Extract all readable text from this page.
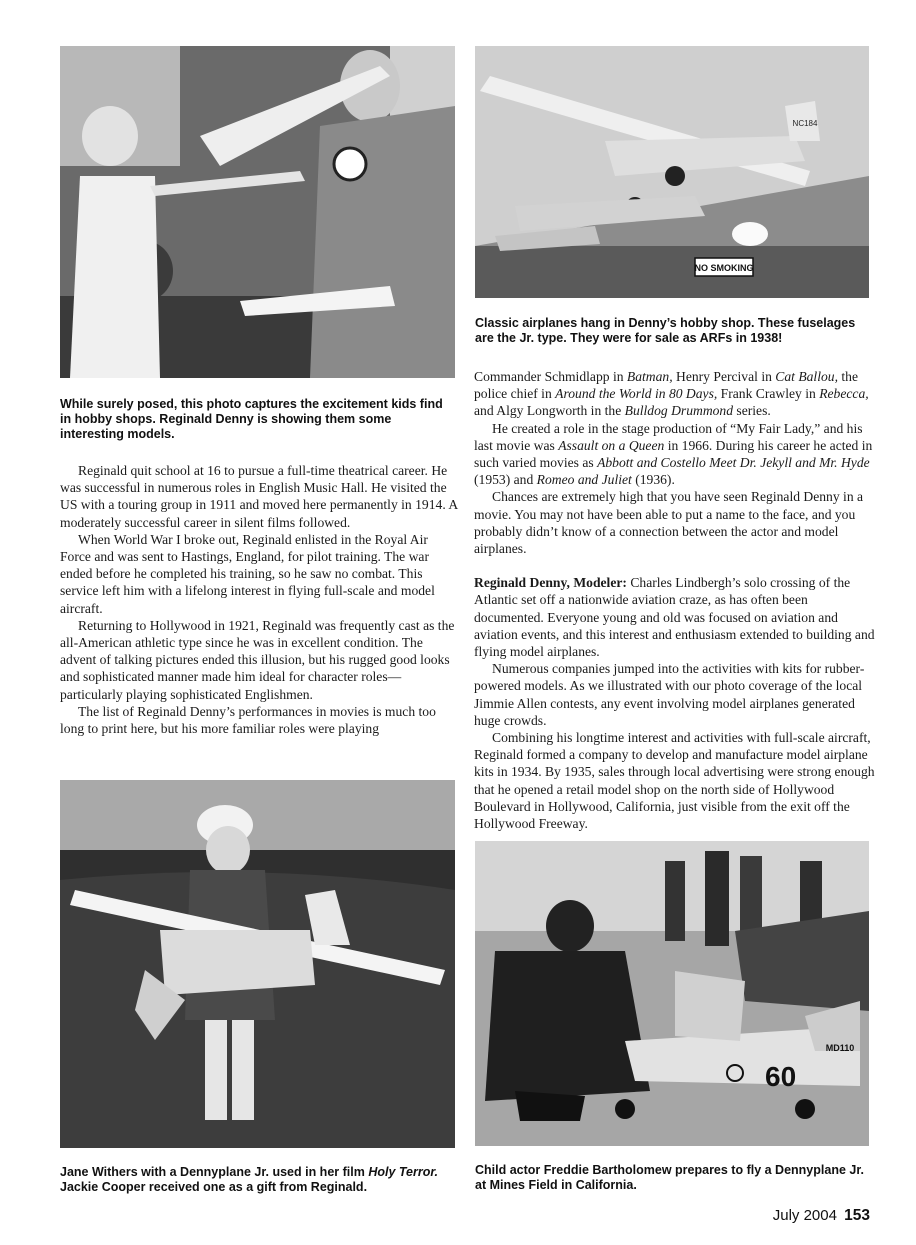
While surely posed, this photo captures the excitement kids find in hobby shops. Reginald Denny is showing them some interesting models.
NO SMOKING
NC184
Classic airplanes hang in Denny’s hobby shop. These fuselages are the Jr. type. They were for sale as ARFs in 1938!

Reginald quit school at 16 to pursue a full-time theatrical career. He was successful in numerous roles in English Music Hall. He visited the US with a touring group in 1911 and moved here permanently in 1914. A moderately successful career in silent films followed.

When World War I broke out, Reginald enlisted in the Royal Air Force and was sent to Hastings, England, for pilot training. The war ended before he completed his training, so he saw no combat. This service left him with a lifelong interest in flying full-scale and model aircraft.

Returning to Hollywood in 1921, Reginald was frequently cast as the all-American athletic type since he was in excellent condition. The advent of talking pictures ended this illusion, but his rugged good looks and sophisticated manner made him ideal for character roles—particularly playing sophisticated Englishmen.

The list of Reginald Denny’s performances in movies is much too long to print here, but his more familiar roles were playing

Commander Schmidlapp in Batman, Henry Percival in Cat Ballou, the police chief in Around the World in 80 Days, Frank Crawley in Rebecca, and Algy Longworth in the Bulldog Drummond series.

He created a role in the stage production of “My Fair Lady,” and his last movie was Assault on a Queen in 1966. During his career he acted in such varied movies as Abbott and Costello Meet Dr. Jekyll and Mr. Hyde (1953) and Romeo and Juliet (1936).

Chances are extremely high that you have seen Reginald Denny in a movie. You may not have been able to put a name to the face, and you probably didn’t know of a connection between the actor and model airplanes.

Reginald Denny, Modeler: Charles Lindbergh’s solo crossing of the Atlantic set off a nationwide aviation craze, as has often been documented. Everyone young and old was focused on aviation and aviation events, and this interest and enthusiasm extended to building and flying model airplanes.

Numerous companies jumped into the activities with kits for rubber-powered models. As we illustrated with our photo coverage of the local Jimmie Allen contests, any event involving model airplanes generated huge crowds.

Combining his longtime interest and activities with full-scale aircraft, Reginald formed a company to develop and manufacture model airplane kits in 1934. By 1935, sales through local advertising were strong enough that he opened a retail model shop on the north side of Hollywood Boulevard in Hollywood, California, just visible from the exit off the Hollywood Freeway.

Jane Withers with a Dennyplane Jr. used in her film Holy Terror. Jackie Cooper received one as a gift from Reginald.
60
MD110
Child actor Freddie Bartholomew prepares to fly a Dennyplane Jr. at Mines Field in California.
July 2004 153
